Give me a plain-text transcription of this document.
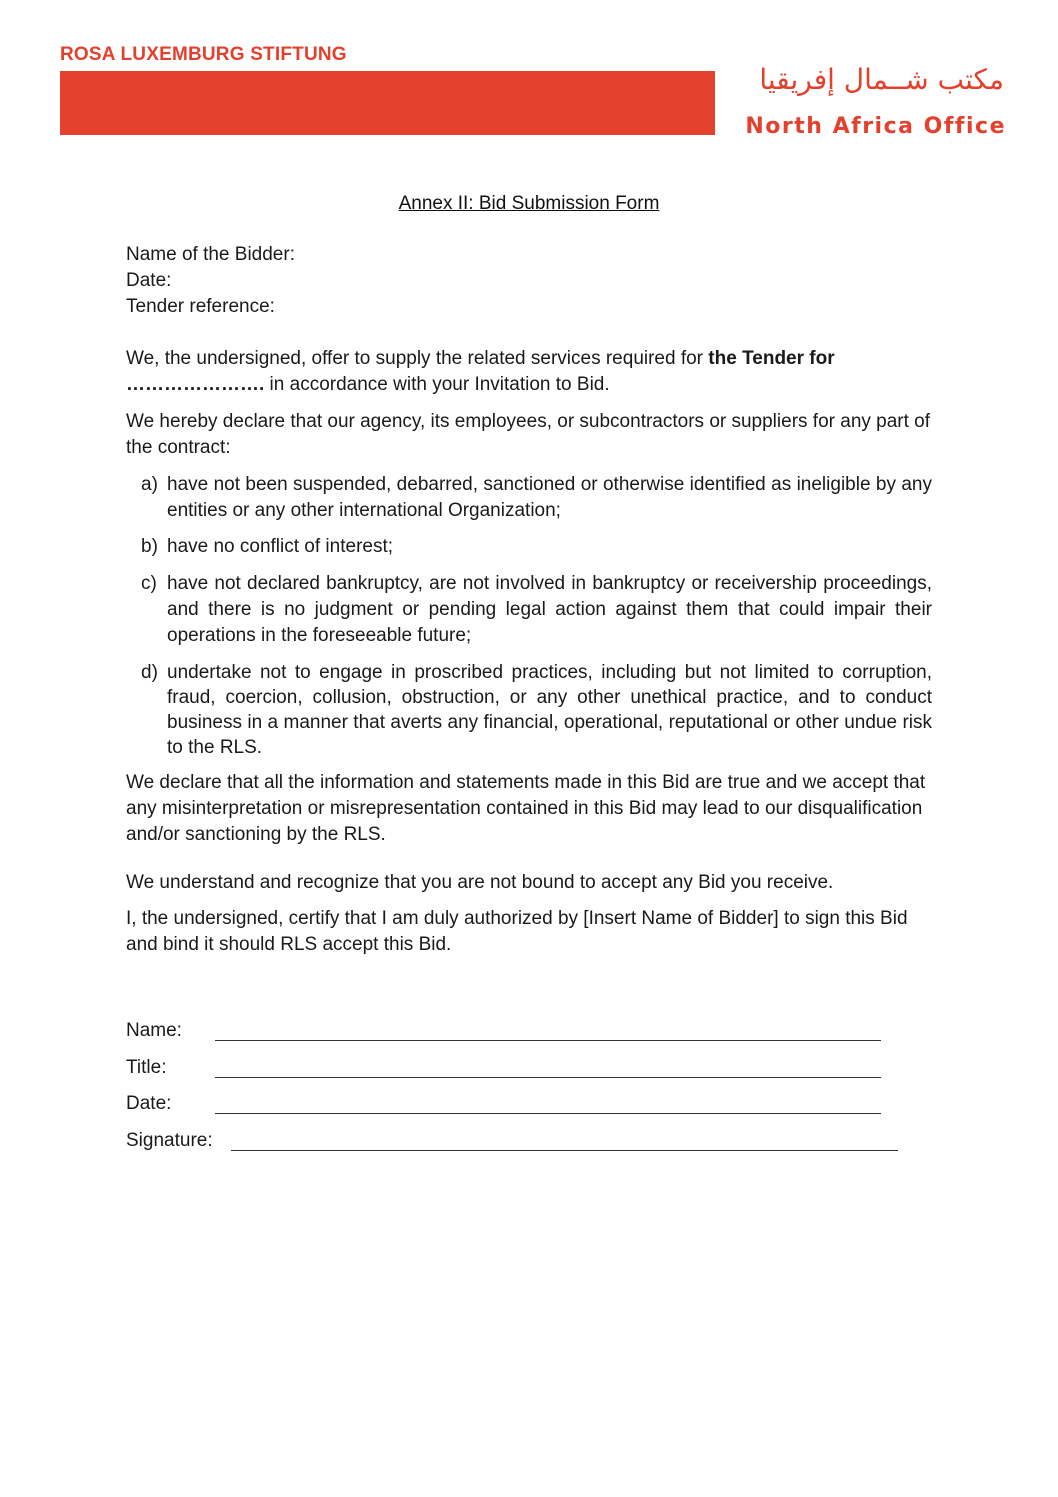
ROSA LUXEMBURG STIFTUNG
مكتب شــمال إفريقيا
North Africa Office
Annex II: Bid Submission Form

Name of the Bidder:

Date:

Tender reference:

We, the undersigned, offer to supply the related services required for the Tender for …………………. in accordance with your Invitation to Bid.

We hereby declare that our agency, its employees, or subcontractors or suppliers for any part of the contract:

a) have not been suspended, debarred, sanctioned or otherwise identified as ineligible by any entities or any other international Organization;
b) have no conflict of interest;
c) have not declared bankruptcy, are not involved in bankruptcy or receivership proceedings, and there is no judgment or pending legal action against them that could impair their operations in the foreseeable future;
d) undertake not to engage in proscribed practices, including but not limited to corruption, fraud, coercion, collusion, obstruction, or any other unethical practice, and to conduct business in a manner that averts any financial, operational, reputational or other undue risk to the RLS.

We declare that all the information and statements made in this Bid are true and we accept that any misinterpretation or misrepresentation contained in this Bid may lead to our disqualification and/or sanctioning by the RLS.

We understand and recognize that you are not bound to accept any Bid you receive.

I, the undersigned, certify that I am duly authorized by [Insert Name of Bidder] to sign this Bid and bind it should RLS accept this Bid.

Name:
Title:
Date:
Signature:
